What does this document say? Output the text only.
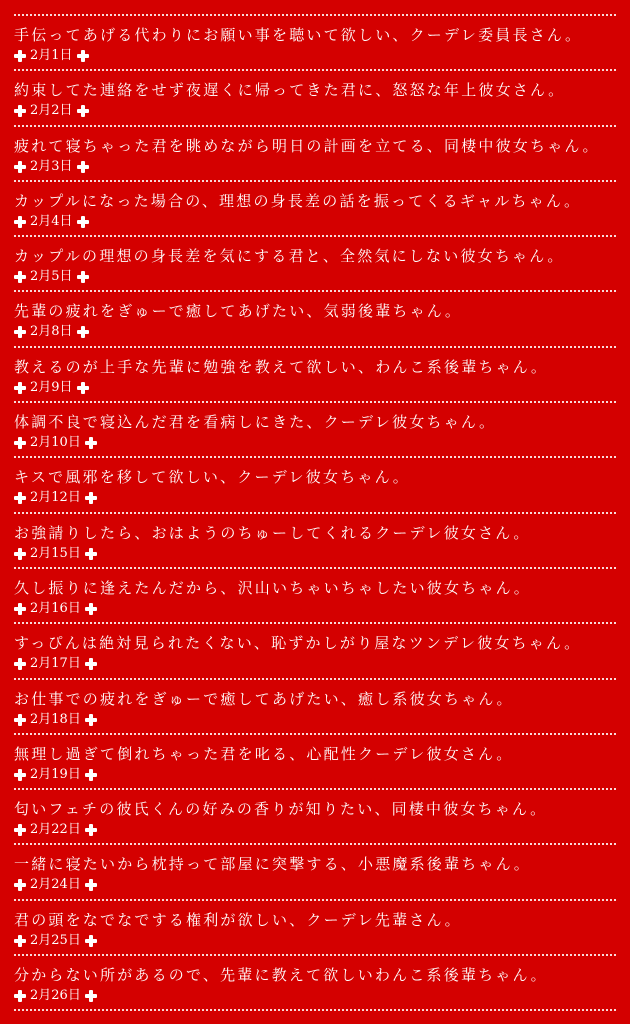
手伝ってあげる代わりにお願い事を聴いて欲しい、クーデレ委員長さん。
2月1日
約束してた連絡をせず夜遅くに帰ってきた君に、怒怒な年上彼女さん。
2月2日
疲れて寝ちゃった君を眺めながら明日の計画を立てる、同棲中彼女ちゃん。
2月3日
カップルになった場合の、理想の身長差の話を振ってくるギャルちゃん。
2月4日
カップルの理想の身長差を気にする君と、全然気にしない彼女ちゃん。
2月5日
先輩の疲れをぎゅーで癒してあげたい、気弱後輩ちゃん。
2月8日
教えるのが上手な先輩に勉強を教えて欲しい、わんこ系後輩ちゃん。
2月9日
体調不良で寝込んだ君を看病しにきた、クーデレ彼女ちゃん。
2月10日
キスで風邪を移して欲しい、クーデレ彼女ちゃん。
2月12日
お強請りしたら、おはようのちゅーしてくれるクーデレ彼女さん。
2月15日
久し振りに逢えたんだから、沢山いちゃいちゃしたい彼女ちゃん。
2月16日
すっぴんは絶対見られたくない、恥ずかしがり屋なツンデレ彼女ちゃん。
2月17日
お仕事での疲れをぎゅーで癒してあげたい、癒し系彼女ちゃん。
2月18日
無理し過ぎて倒れちゃった君を叱る、心配性クーデレ彼女さん。
2月19日
匂いフェチの彼氏くんの好みの香りが知りたい、同棲中彼女ちゃん。
2月22日
一緒に寝たいから枕持って部屋に突撃する、小悪魔系後輩ちゃん。
2月24日
君の頭をなでなでする権利が欲しい、クーデレ先輩さん。
2月25日
分からない所があるので、先輩に教えて欲しいわんこ系後輩ちゃん。
2月26日
